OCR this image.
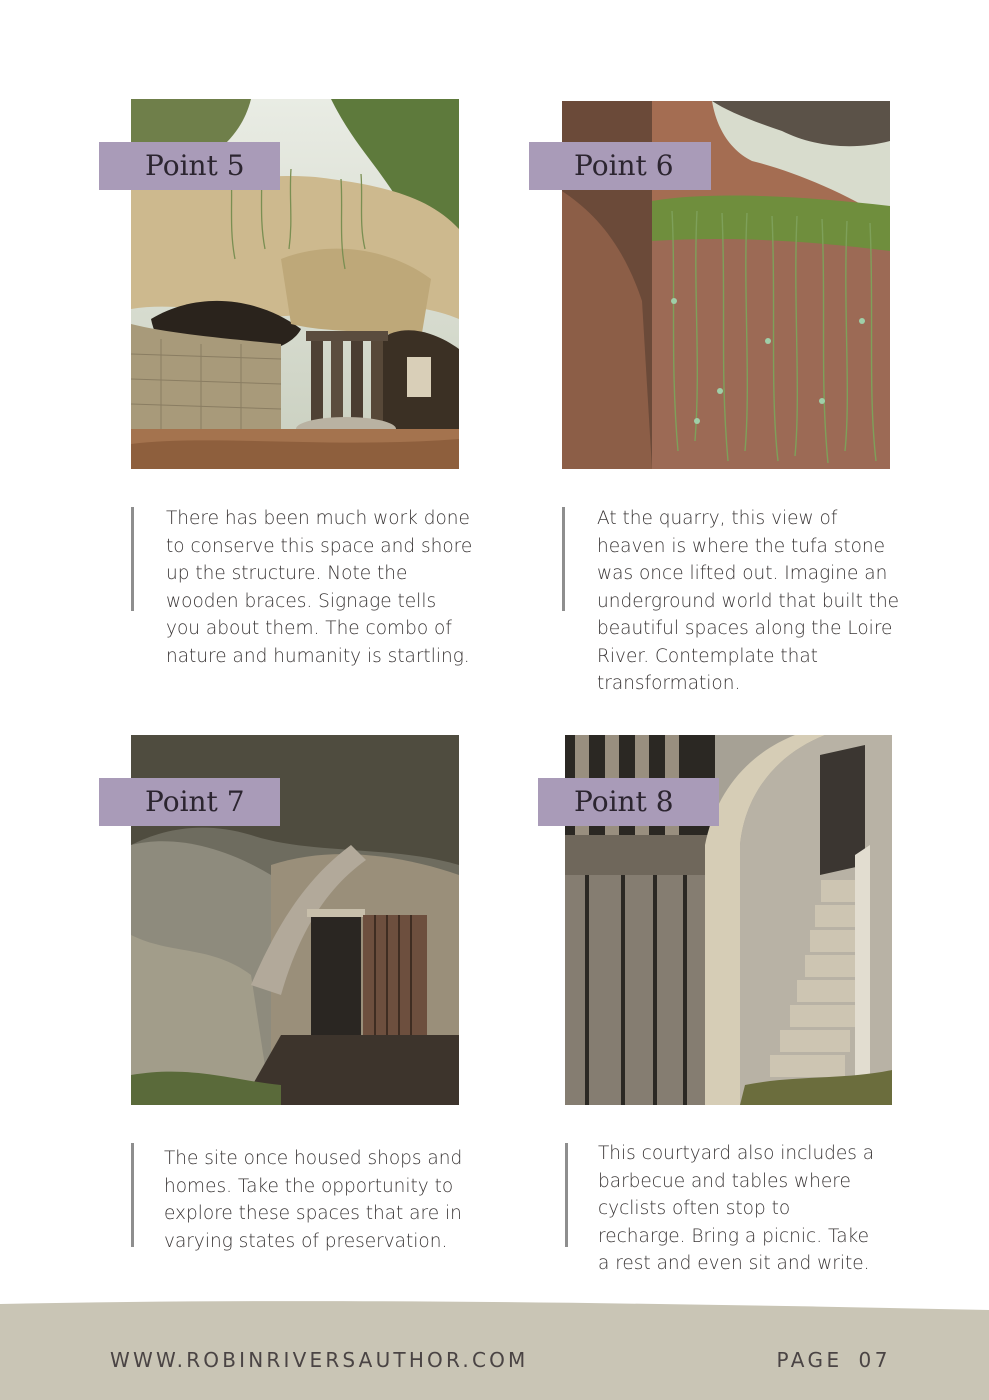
Point 5
There has been much work done
to conserve this space and shore
up the structure. Note the
wooden braces. Signage tells
you about them. The combo of
nature and humanity is startling.
Point 6
At the quarry, this view of
heaven is where the tufa stone
was once lifted out. Imagine an
underground world that built the
beautiful spaces along the Loire
River. Contemplate that
transformation.
Point 7
The site once housed shops and
homes. Take the opportunity to
explore these spaces that are in
varying states of preservation.
Point 8
This courtyard also includes a
barbecue and tables where
cyclists often stop to
recharge. Bring a picnic. Take
a rest and even sit and write.
WWW.ROBINRIVERSAUTHOR.COM	PAGE 07
